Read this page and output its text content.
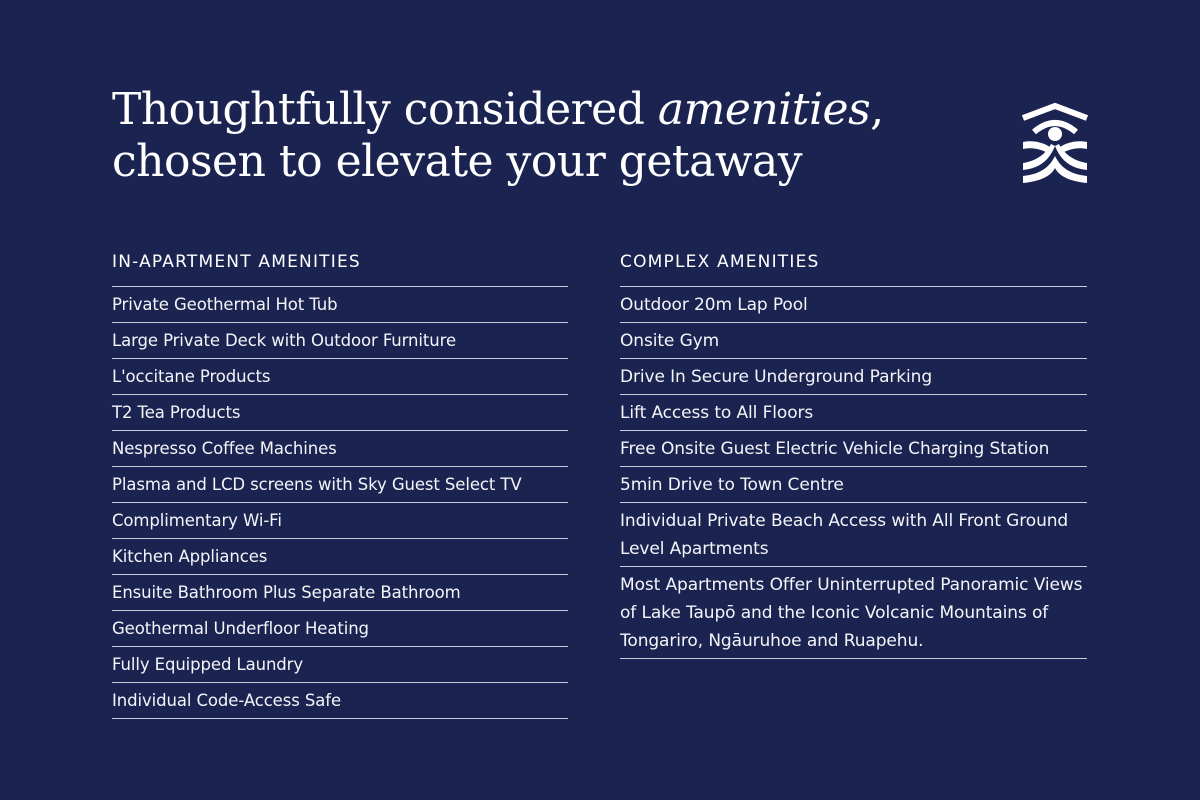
Thoughtfully considered amenities,
chosen to elevate your getaway
IN-APARTMENT AMENITIES
Private Geothermal Hot Tub
Large Private Deck with Outdoor Furniture
L'occitane Products
T2 Tea Products
Nespresso Coffee Machines
Plasma and LCD screens with Sky Guest Select TV
Complimentary Wi-Fi
Kitchen Appliances
Ensuite Bathroom Plus Separate Bathroom
Geothermal Underfloor Heating
Fully Equipped Laundry
Individual Code-Access Safe
COMPLEX AMENITIES
Outdoor 20m Lap Pool
Onsite Gym
Drive In Secure Underground Parking
Lift Access to All Floors
Free Onsite Guest Electric Vehicle Charging Station
5min Drive to Town Centre
Individual Private Beach Access with All Front Ground Level Apartments
Most Apartments Offer Uninterrupted Panoramic Views of Lake Taupō and the Iconic Volcanic Mountains of Tongariro, Ngāuruhoe and Ruapehu.
